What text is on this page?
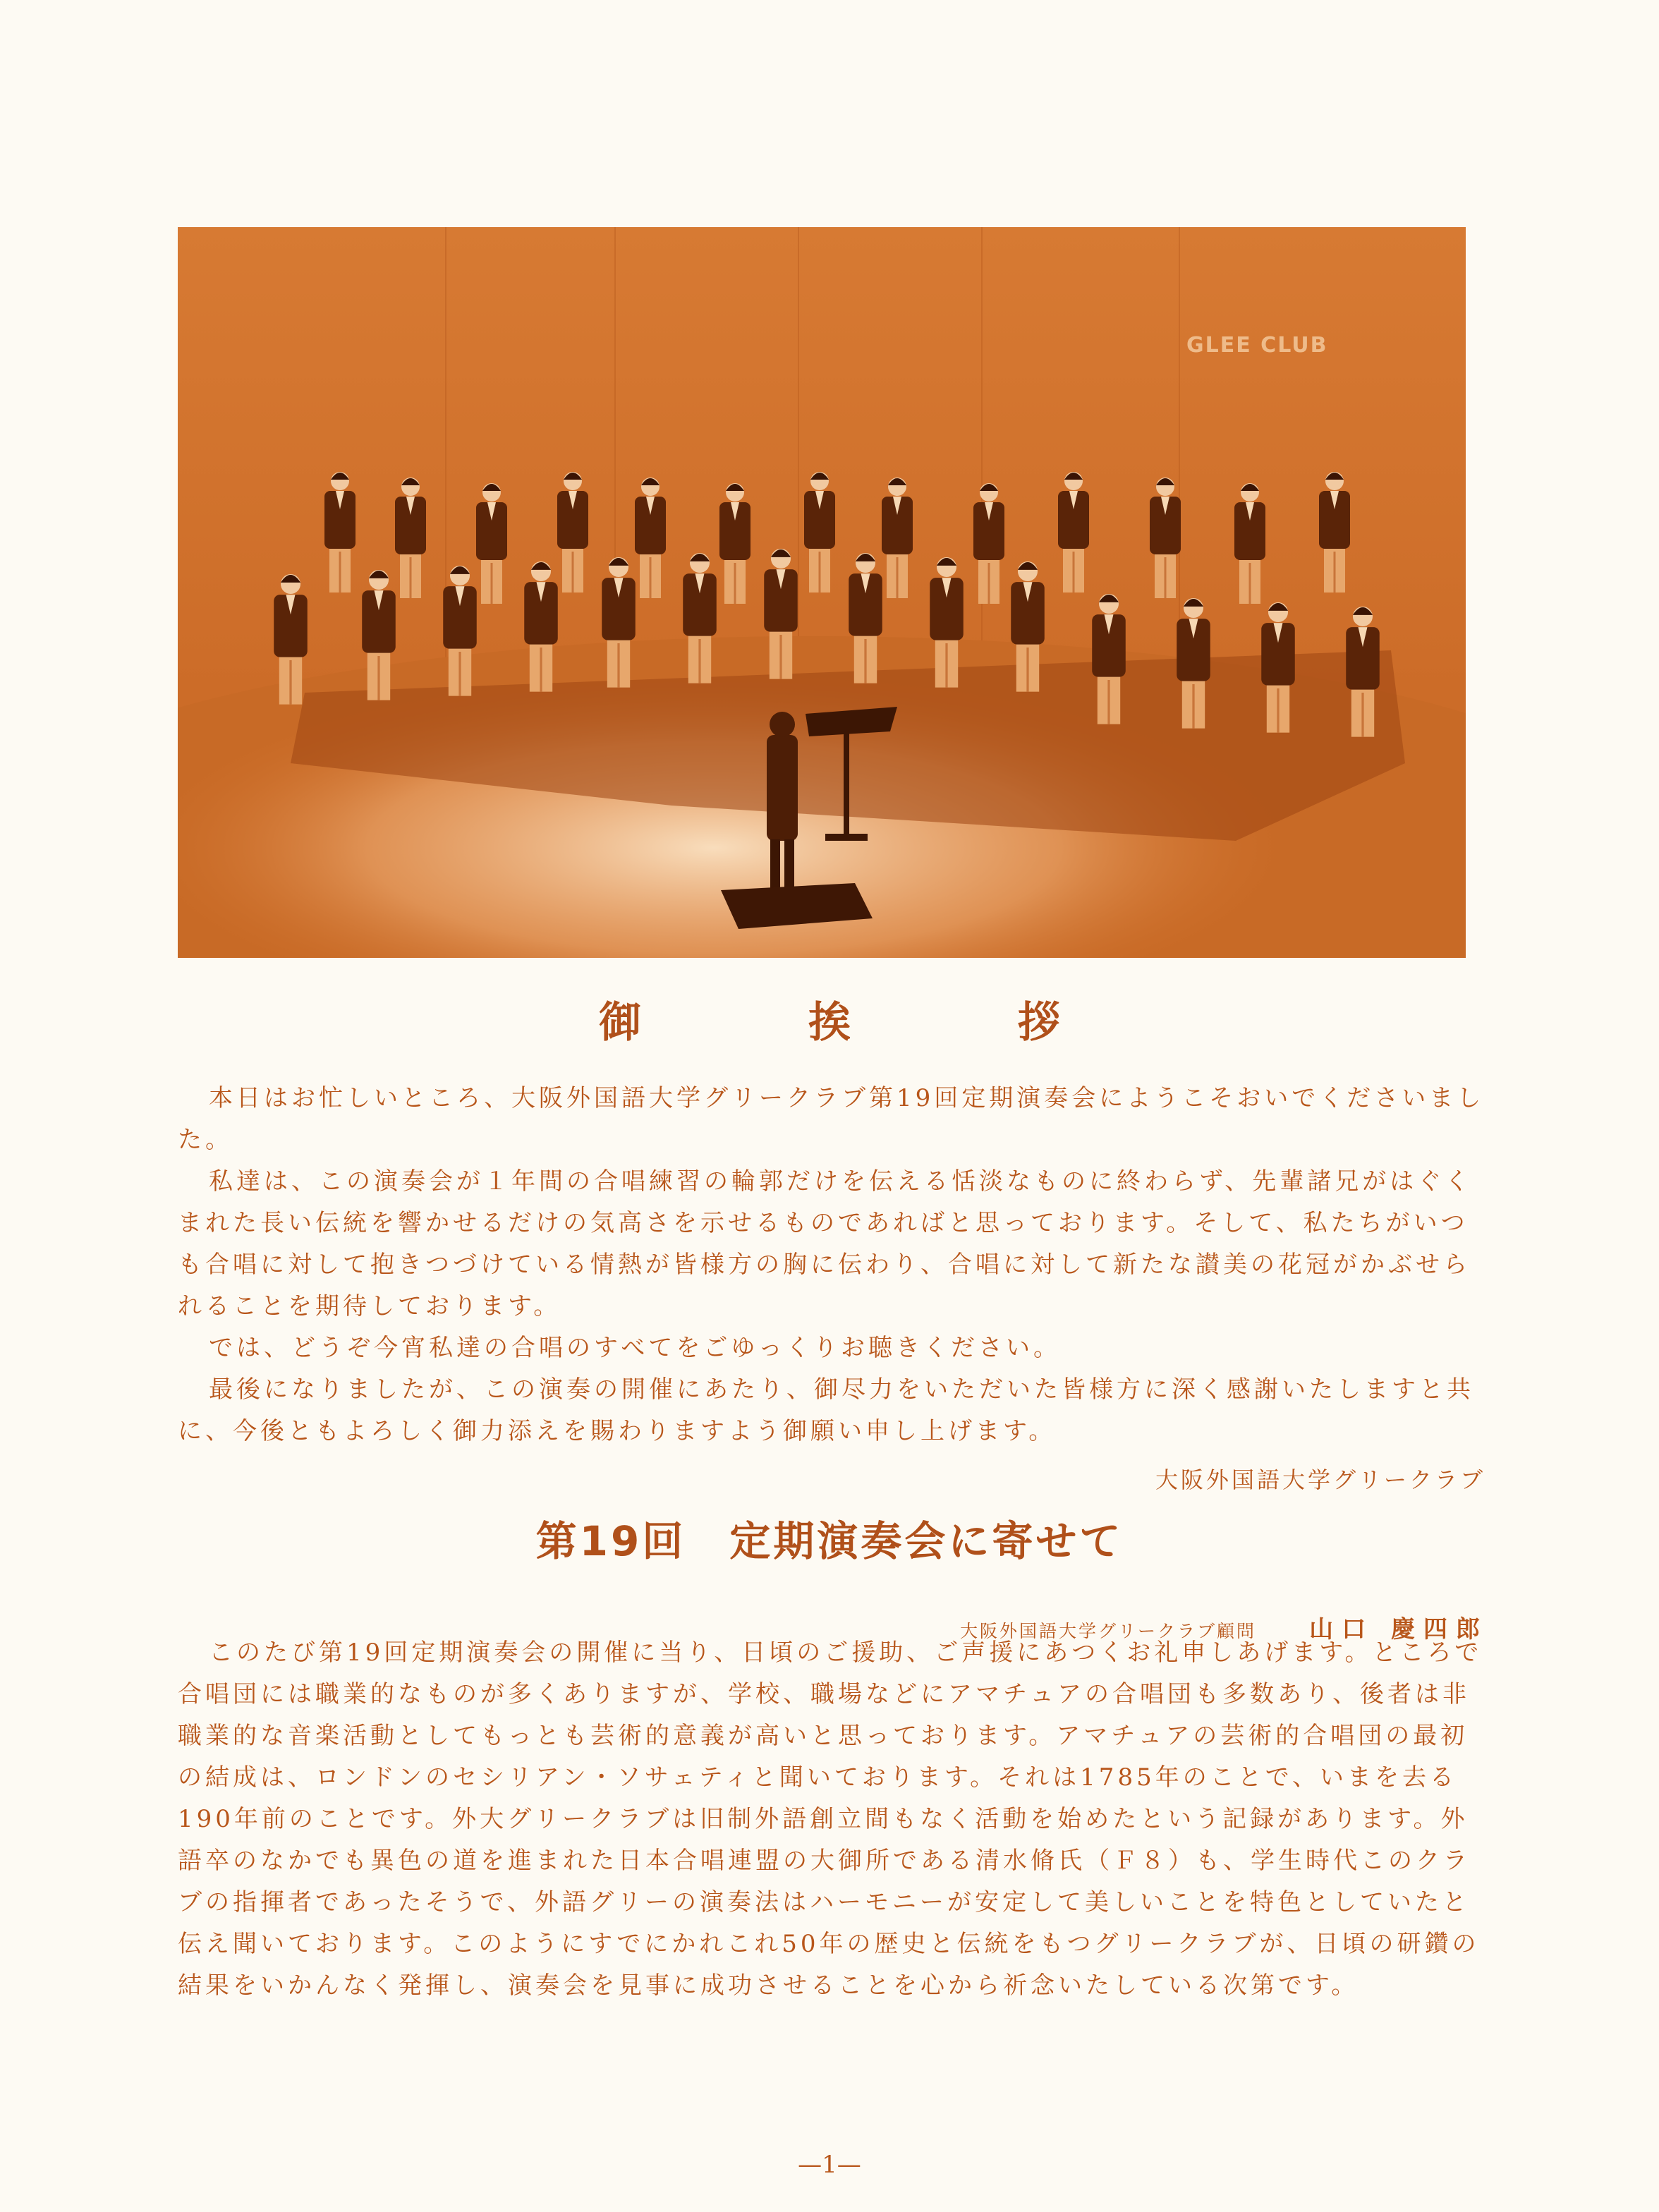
GLEE CLUB
御 挨 拶

本日はお忙しいところ、大阪外国語大学グリークラブ第19回定期演奏会にようこそおいでくださいました。

私達は、この演奏会が１年間の合唱練習の輪郭だけを伝える恬淡なものに終わらず、先輩諸兄がはぐくまれた長い伝統を響かせるだけの気高さを示せるものであればと思っております。そして、私たちがいつも合唱に対して抱きつづけている情熱が皆様方の胸に伝わり、合唱に対して新たな讃美の花冠がかぶせられることを期待しております。

では、どうぞ今宵私達の合唱のすべてをごゆっくりお聴きください。

最後になりましたが、この演奏の開催にあたり、御尽力をいただいた皆様方に深く感謝いたしますと共に、今後ともよろしく御力添えを賜わりますよう御願い申し上げます。

大阪外国語大学グリークラブ
第19回　定期演奏会に寄せて
大阪外国語大学グリークラブ顧問 山口 慶四郎

このたび第19回定期演奏会の開催に当り、日頃のご援助、ご声援にあつくお礼申しあげます。ところで合唱団には職業的なものが多くありますが、学校、職場などにアマチュアの合唱団も多数あり、後者は非職業的な音楽活動としてもっとも芸術的意義が高いと思っております。アマチュアの芸術的合唱団の最初の結成は、ロンドンのセシリアン・ソサェティと聞いております。それは1785年のことで、いまを去る190年前のことです。外大グリークラブは旧制外語創立間もなく活動を始めたという記録があります。外語卒のなかでも異色の道を進まれた日本合唱連盟の大御所である清水脩氏（Ｆ８）も、学生時代このクラブの指揮者であったそうで、外語グリーの演奏法はハーモニーが安定して美しいことを特色としていたと伝え聞いております。このようにすでにかれこれ50年の歴史と伝統をもつグリークラブが、日頃の研鑽の結果をいかんなく発揮し、演奏会を見事に成功させることを心から祈念いたしている次第です。

—1—
